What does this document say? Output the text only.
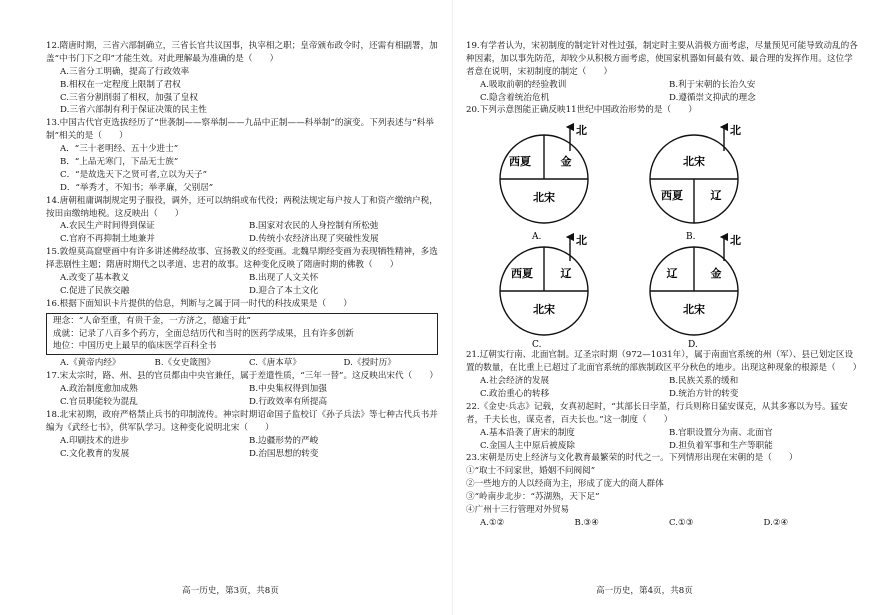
12.隋唐时期，三省六部制确立，三省长官共议国事，执宰相之职；皇帝颁布政令时，还需有相副署，加盖“中书门下之印”才能生效。对此理解最为准确的是（　　）

A.三省分工明确，提高了行政效率
B.相权在一定程度上限制了君权
C.三省分割削弱了相权，加强了皇权
D.三省六部制有利于保证决策的民主性

13.中国古代官吏选拔经历了“世袭制——察举制——九品中正制——科举制”的演变。下列表述与“科举制”相关的是（　　）

A．“三十老明经、五十少进士”
B．“上品无寒门，下品无士族”
C．“是故选天下之贤可者,立以为天子”
D．“举秀才，不知书；举孝廉，父别居”

14.唐朝租庸调制规定男子服役，调外，还可以纳绢或布代役；两税法规定每户按人丁和资产缴纳户税，按田亩缴纳地税。这反映出（　　）

A.农民生产时间得到保证	B.国家对农民的人身控制有所松弛
C.官府不再抑制土地兼并	D.传统小农经济出现了突破性发展

15.敦煌莫高窟壁画中有许多讲述佛经故事、宣扬教义的经变画。北魏早期经变画为表现牺牲精神，多选择悲剧性主题；隋唐时期代之以孝道、忠君的故事。这种变化反映了隋唐时期的佛教（　　）

A.改变了基本教义	B.出现了人文关怀
C.促进了民族交融	D.迎合了本土文化

16.根据下面知识卡片提供的信息，判断与之属于同一时代的科技成果是（　　）

理念：“人命至重，有贵千金，一方济之，德逾于此”
成就：记录了八百多个药方，全面总结历代和当时的医药学成果，且有许多创新
地位：中国历史上最早的临床医学百科全书
A.《黄帝内经》	B.《女史箴图》	C.《唐本草》	D.《授时历》

17.宋太宗时，路、州、县的官员都由中央官兼任，属于差遣性质，“三年一替”。这反映出宋代（　　）

A.政治制度愈加成熟	B.中央集权得到加强
C.官员职能较为混乱	D.行政效率有所提高

18.北宋初期，政府严格禁止兵书的印制流传。神宗时期诏命国子监校订《孙子兵法》等七种古代兵书并编为《武经七书》，供军队学习。这种变化说明北宋（　　）

A.印刷技术的进步	B.边疆形势的严峻
C.文化教育的发展	D.治国思想的转变
高一历史，第3页，共8页

19.有学者认为，宋初制度的制定针对性过强，制定时主要从消极方面考虑，尽量预见可能导致动乱的各种因素，加以事先防范，却较少从积极方面考虑，使国家机器如何最有效、最合理的发挥作用。这位学者意在说明，宋初制度的制定（　　）

A.吸取前朝的经验教训	B.利于宋朝的长治久安
C.隐含着统治危机	D.遵循崇文抑武的理念

20.下列示意图能正确反映11世纪中国政治形势的是（　　）

北
西夏	金
北宋
A.
北
北宋
西夏	辽
B.
北
西夏	辽
北宋
C.
北
辽	金
北宋
D.

21.辽朝实行南、北面官制。辽圣宗时期（972—1031年），属于南面官系统的州（军）、县已划定区设置的数量，在比重上已超过了北面官系统的部族制政区平分秋色的地步。出现这种现象的根源是（　　）

A.社会经济的发展	B.民族关系的缓和
C.政治重心的转移	D.统治方针的转变

22.《金史·兵志》记载，女真初起时，“其部长日孛堇，行兵则称日猛安谋克，从其多寡以为号。猛安者，千夫长也，谋克者，百夫长也。”这一制度（　　）

A.基本沿袭了唐宋的制度	B.官职设置分为南、北面官
C.金国人主中原后被废除	D.担负着军事和生产等职能

23.宋朝是历史上经济与文化教育最繁荣的时代之一。下列情形出现在宋朝的是（　　）

①“取士不问家世，婚姻不问阀阅”
②一些地方的人以经商为主，形成了庞大的商人群体
③“岭南步北步：“苏湖熟，天下足”
④广州十三行管理对外贸易
A.①②	B.③④	C.①③	D.②④
高一历史，第4页，共8页
